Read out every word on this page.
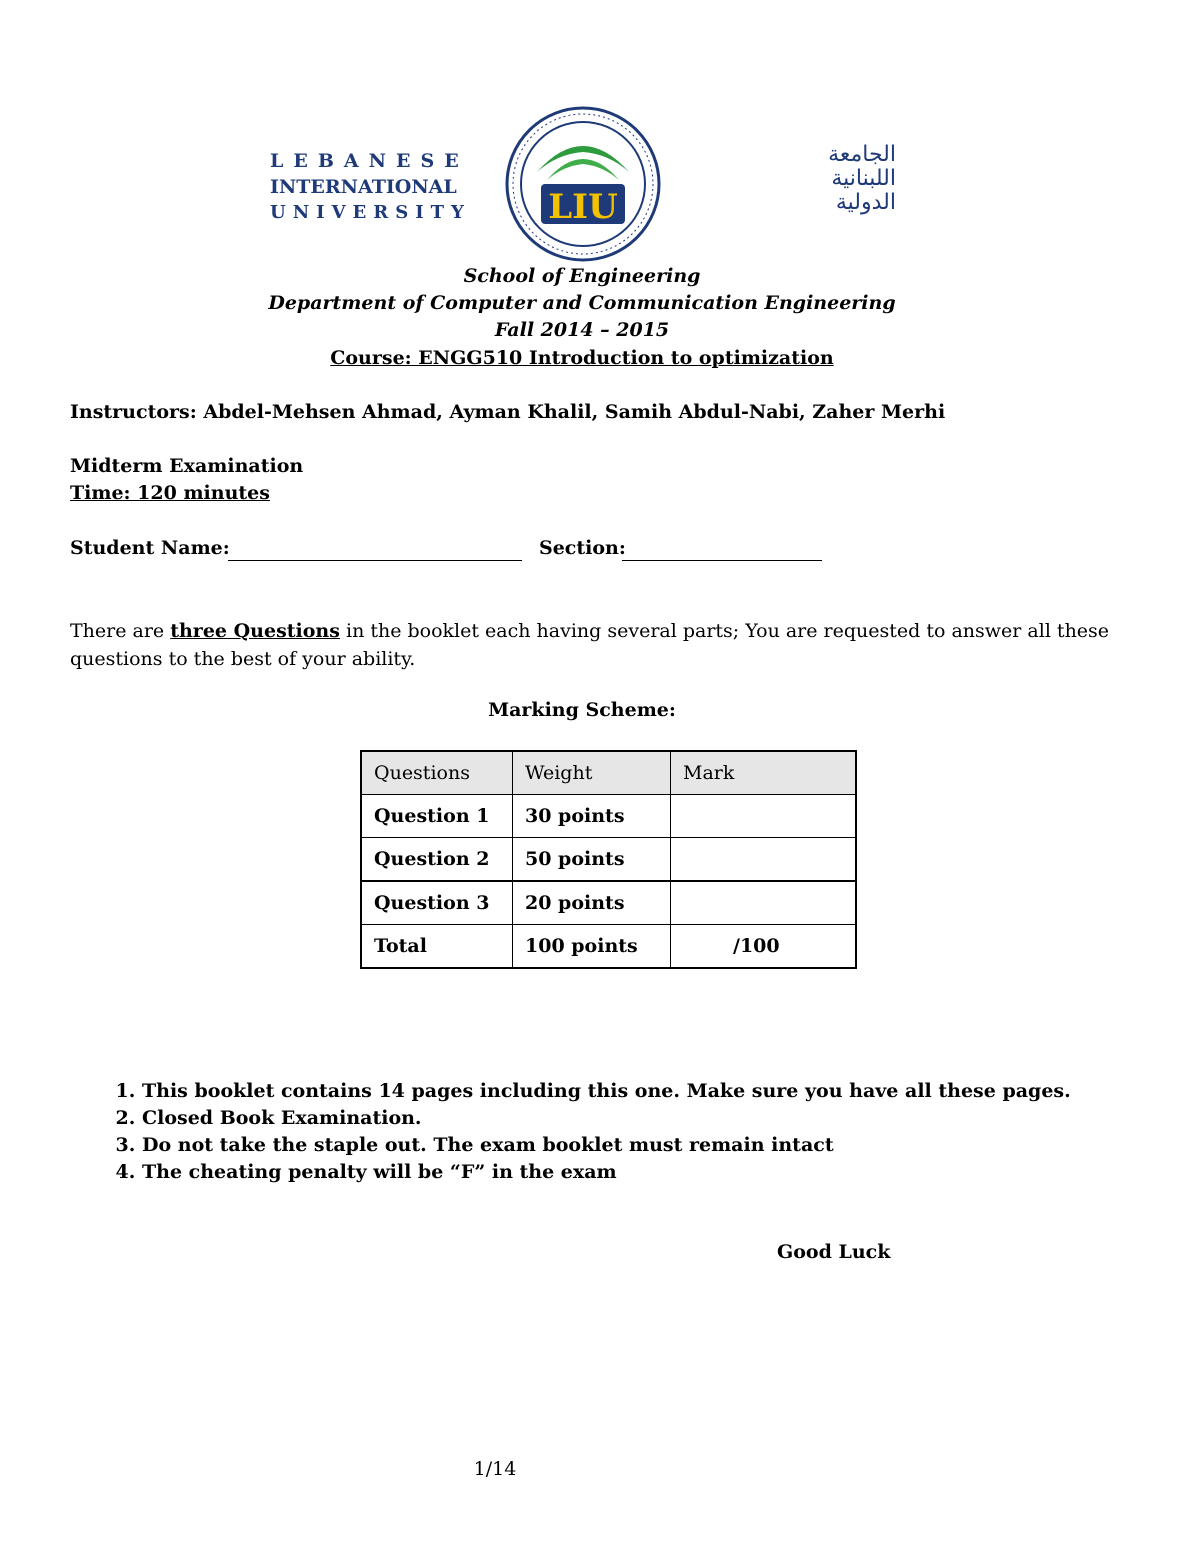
LEBANESE
INTERNATIONAL
UNIVERSITY LIU
الجامعة
اللبنانية
الدولية
School of Engineering
Department of Computer and Communication Engineering
Fall 2014 – 2015
Course: ENGG510 Introduction to optimization
Instructors: Abdel-Mehsen Ahmad, Ayman Khalil, Samih Abdul-Nabi, Zaher Merhi
Midterm Examination
Time: 120 minutes
Student Name:	Section:
There are three Questions in the booklet each having several parts; You are requested to answer all these
questions to the best of your ability.
Marking Scheme:
Questions	Weight	Mark
Question 1	30 points	
Question 2	50 points	
Question 3	20 points	
Total	100 points	/100
1. This booklet contains 14 pages including this one. Make sure you have all these pages.
2. Closed Book Examination.
3. Do not take the staple out. The exam booklet must remain intact
4. The cheating penalty will be “F” in the exam
Good Luck
1/14
